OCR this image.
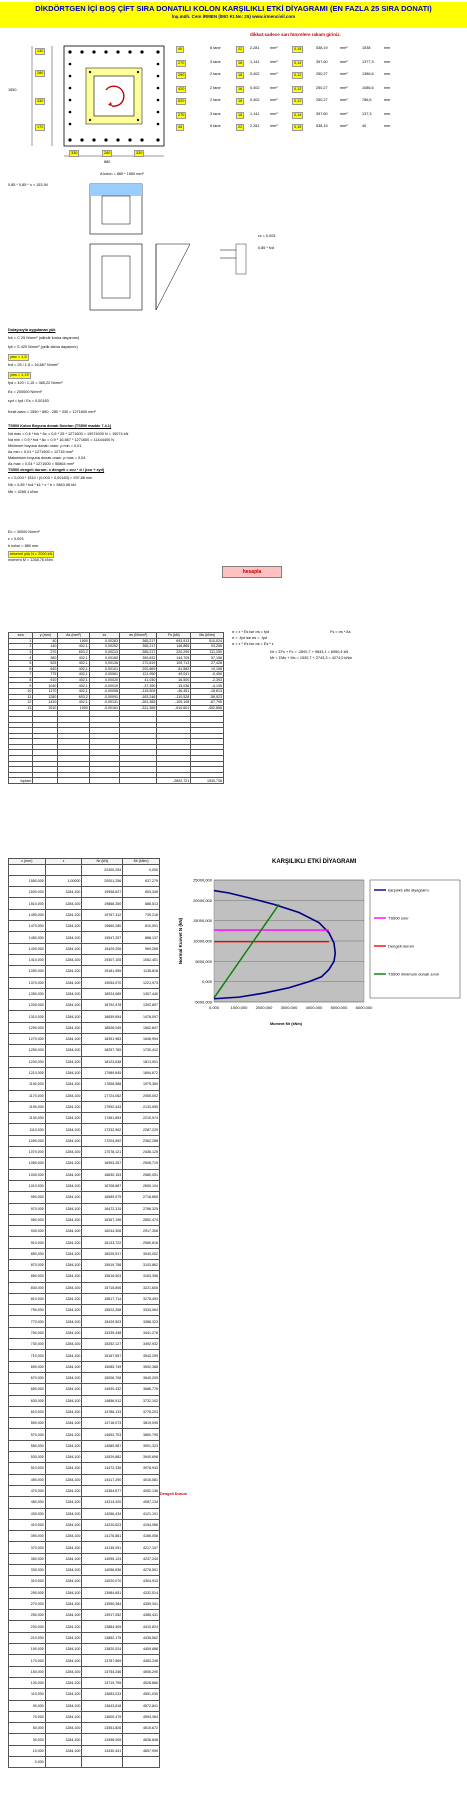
DİKDÖRTGEN İÇİ BOŞ ÇİFT SIRA DONATILI KOLON KARŞILIKLI ETKİ DİYAGRAMI (EN FAZLA 25 SIRA DONATI)
İnş.müh. Cem İRMEN (İMO Kt.No: 25) www.irmencivil.com
dikkat:sadece sarı hücrelere rakam giriniz.
130
280
330
170
1550
330	280	330
880
A kolon = 880 * 1550 mm²
40	6 tane	22	2,281	mm²	0,15	538,19	mm²	1538	mm
270	3 tane	16	1,141	mm²	0,14	397,60	mm²	1377,3	mm
290	2 tane	16	0,402	mm²	0,12	250,27	mm²	1386,6	mm
420	2 tane	16	0,402	mm²	0,12	250,27	mm²	1086,6	mm
520	2 tane	16	0,402	mm²	0,12	250,27	mm²	786,6	mm
270	3 tane	16	1,141	mm²	0,14	397,60	mm²	137,3	mm
40	6 tane	22	2,281	mm²	0,15	538,19	mm²	40	mm
0,85 * 0,85 * x = 153,94
εc = 0,003
0,85 * fcd
Dolayısıyla uygulanan yük
fck = C 25 N/mm² (silindir kırma dayanımı)
fyk = S 420 N/mm² (çelik akma dayanımı)
γmc = 1,5
fcd = 25 / 1,5 = 16,667 N/mm²
γms = 1,15
fyd = 420 / 1,15 = 365,22 N/mm²
Es = 200000 N/mm²
εyd = fyd / Es = 0,00183
Kesit alanı = 1550 * 880 - 280 * 330 = 1271600 mm²
TS500 Kolon Boyuna donatı Sınırları (TS500 madde 7.4.1)
Nd max = 0,6 * fck * Ac = 0,6 * 25 * 1271600 = 19074000 N = 19074 kN
Nd min = 0,9 * fcd * Ac = 0,9 * 16,667 * 1271600 = 11444400 N
Minimum boyuna donatı oranı: ρ min = 0,01
As min = 0,01 * 1271600 = 12716 mm²
Maksimum boyuna donatı oranı: ρ max = 0,04
As max = 0,04 * 1271600 = 50864 mm²
TS500 dengeli durum: x dengeli = εcu * d / (εcu + εyd)
x = 0,003 * 1510 / (0,003 + 0,00183) = 937,88 mm
Nb = 0,85 * fcd * k1 * x * b = 9843,08 kN
Mb = 4265,1 kNm
Ec = 30000 N/mm²
ε = 0,003
b kolon = 880 mm
eksenel yük N = 2000 kN
moment M = 1268,76 kNm
hesapla
σ = ε * Es ise σs = fyd
σ = -fyd ise σs = -fyd
σ = ε * Es ise σs = Es * ε
Fs = σs * As
Nr = ΣFs + Fc = -2892,7 + 9843,1 = 6950,4 kN
Mr = ΣMs + Mc = 1530,7 + 2743,3 = 4274,0 kNm
sıra	y (mm)	As (mm²)	εs	σs (N/mm²)	Fs (kN)	Ms (kNm)
1	40	1900	0,00283	365,217	693,913	510,024
2	140	402,1	0,00252	365,217	146,866	93,256
3	270	603,2	0,00213	365,217	220,299	111,250
4	380	402,1	0,00180	359,832	144,705	57,158
5	525	402,1	0,00136	272,819	109,713	27,428
6	640	402,1	0,00101	202,869	81,582	10,198
7	775	402,1	0,00061	121,950	49,041	-0,490
8	910	402,1	0,00020	41,030	16,500	-2,393
9	1040	402,1	-0,00019	-37,390	-15,036	-4,135
10	1170	402,1	-0,00058	-115,509	-46,451	-18,813
11	1280	603,2	-0,00091	-183,246	-110,528	-56,923
12	1410	402,1	-0,00131	-261,365	-105,108	-67,795
13	1510	1900	-0,00161	-321,369	-610,601	-452,858

toplam					-2892,721	1530,736
KARŞILIKLI ETKİ DİYAGRAMI
-5000,000
0,000
5000,000
10000,000
15000,000
20000,000
25000,000
0,000	1000,000 2000,000 3000,000 4000,000 5000,000 6000,000
Normal Kuvvet N (kN)
karşılıklı etki diyagramı
TS500 sınır
Dengeli durum
TS500 minimum donatı sınırı
Moment Mr (kNm)
Dengeli Durum
x (mm)	ε	Nr (kN)	Mr (kNm)
		22400,254	0,000
1550,000	1,00000	20001,256	637,279
1530,000	1284,100	19956,627	653,345
1510,000	1284,100	19868,350	686,513
1490,000	1284,100	19767,312	739,218
1470,000	1284,100	19660,280	810,091
1450,000	1284,100	19547,257	888,137
1430,000	1284,100	19429,206	969,265
1410,000	1284,100	19307,105	1052,401
1390,000	1284,100	19181,955	1136,818
1370,000	1284,100	19054,070	1221,973
1350,000	1284,100	18924,089	1307,440
1330,000	1284,100	18792,478	1392,897
1310,000	1284,100	18659,654	1478,097
1290,000	1284,100	18526,045	1562,847
1270,000	1284,100	18391,983	1646,994
1250,000	1284,100	18257,765	1730,412
1230,000	1284,100	18123,638	1813,001
1210,000	1284,100	17989,845	1894,672
1190,000	1284,100	17856,588	1975,360
1170,000	1284,100	17724,062	2055,002
1150,000	1284,100	17592,443	2133,555
1130,000	1284,100	17461,893	2210,974
1110,000	1284,100	17332,562	2287,229
1090,000	1284,100	17204,592	2362,288
1070,000	1284,100	17078,121	2436,125
1050,000	1284,100	16953,267	2508,719
1030,000	1284,100	16830,153	2580,051
1010,000	1284,100	16708,887	2650,104
990,000	1284,100	16589,575	2718,865
970,000	1284,100	16472,315	2786,325
950,000	1284,100	16357,196	2852,474
930,000	1284,100	16244,306	2917,306
910,000	1284,100	16133,722	2980,816
890,000	1284,100	16025,517	3043,002
870,000	1284,100	15919,758	3103,862
850,000	1284,100	15816,503	3163,396
830,000	1284,100	15715,806	3221,605
810,000	1284,100	15617,714	3278,493
790,000	1284,100	15522,268	3334,064
770,000	1284,100	15429,503	3388,323
750,000	1284,100	15339,448	3441,276
730,000	1284,100	15252,127	3492,932
710,000	1284,100	15167,557	3543,299
690,000	1284,100	15085,749	3592,388
670,000	1284,100	15006,708	3640,209
650,000	1284,100	14930,432	3686,776
630,000	1284,100	14856,912	3732,102
610,000	1284,100	14786,133	3776,203
590,000	1284,100	14718,073	3819,095
570,000	1284,100	14652,703	3860,795
550,000	1284,100	14589,987	3901,323
530,000	1284,100	14529,882	3940,698
510,000	1284,100	14472,336	3978,943
490,000	1284,100	14417,290	4016,081
470,000	1284,100	14364,677	4052,136
450,000	1284,100	14314,420	4087,134
430,000	1284,100	14266,434	4121,101
410,000	1284,100	14220,623	4154,066
390,000	1284,100	14176,881	4186,058
370,000	1284,100	14135,091	4217,107
350,000	1284,100	14095,124	4247,244
330,000	1284,100	14056,836	4276,501
310,000	1284,100	14020,070	4304,913
290,000	1284,100	13984,651	4332,514
270,000	1284,100	13950,384	4359,341
250,000	1284,100	13917,052	4385,431
230,000	1284,100	13884,409	4410,824
210,000	1284,100	13852,175	4435,562
190,000	1284,100	13820,024	4459,688
170,000	1284,100	13787,569	4483,248
150,000	1284,100	13754,346	4506,290
130,000	1284,100	13719,795	4528,866
110,000	1284,100	13683,233	4551,030
90,000	1284,100	13643,818	4572,841
70,000	1284,100	13600,479	4594,364
50,000	1284,100	13551,826	4615,672
30,000	1284,100	13496,005	4636,848
10,000	1284,100	13430,441	4657,990
0,000			
